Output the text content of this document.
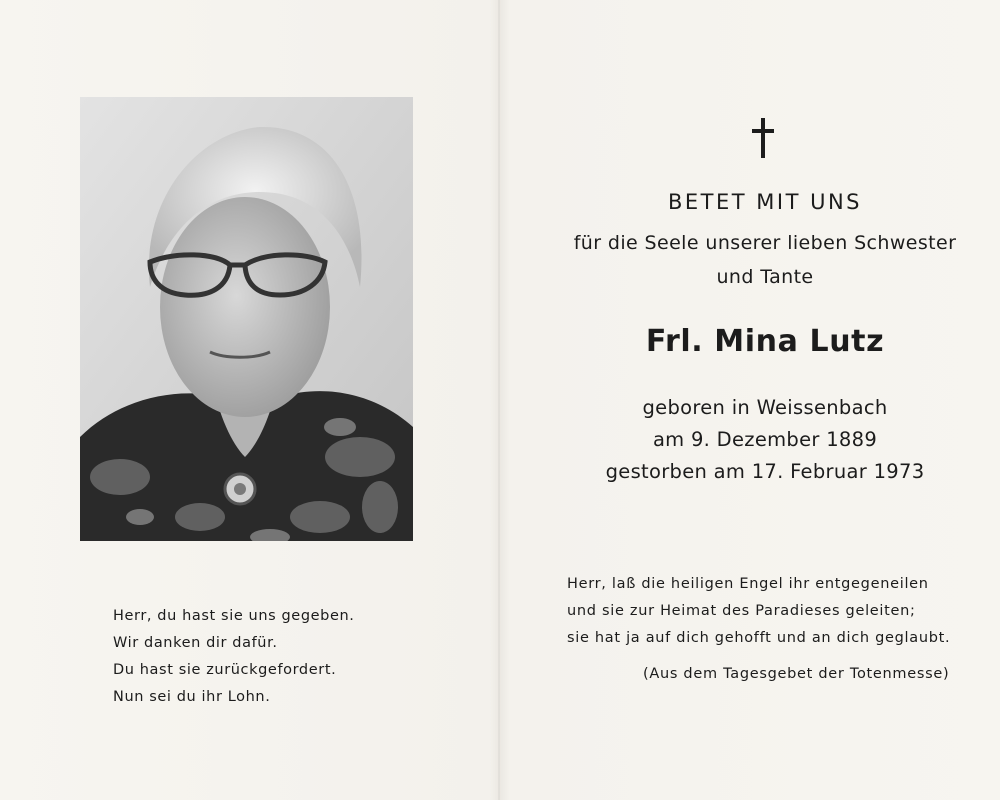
Herr, du hast sie uns gegeben.
Wir danken dir dafür.
Du hast sie zurückgefordert.
Nun sei du ihr Lohn.
BETET MIT UNS
für die Seele unserer lieben Schwester
und Tante
Frl. Mina Lutz
geboren in Weissenbach
am 9. Dezember 1889
gestorben am 17. Februar 1973
Herr, laß die heiligen Engel ihr entgegeneilen
und sie zur Heimat des Paradieses geleiten;
sie hat ja auf dich gehofft und an dich geglaubt.
(Aus dem Tagesgebet der Totenmesse)
